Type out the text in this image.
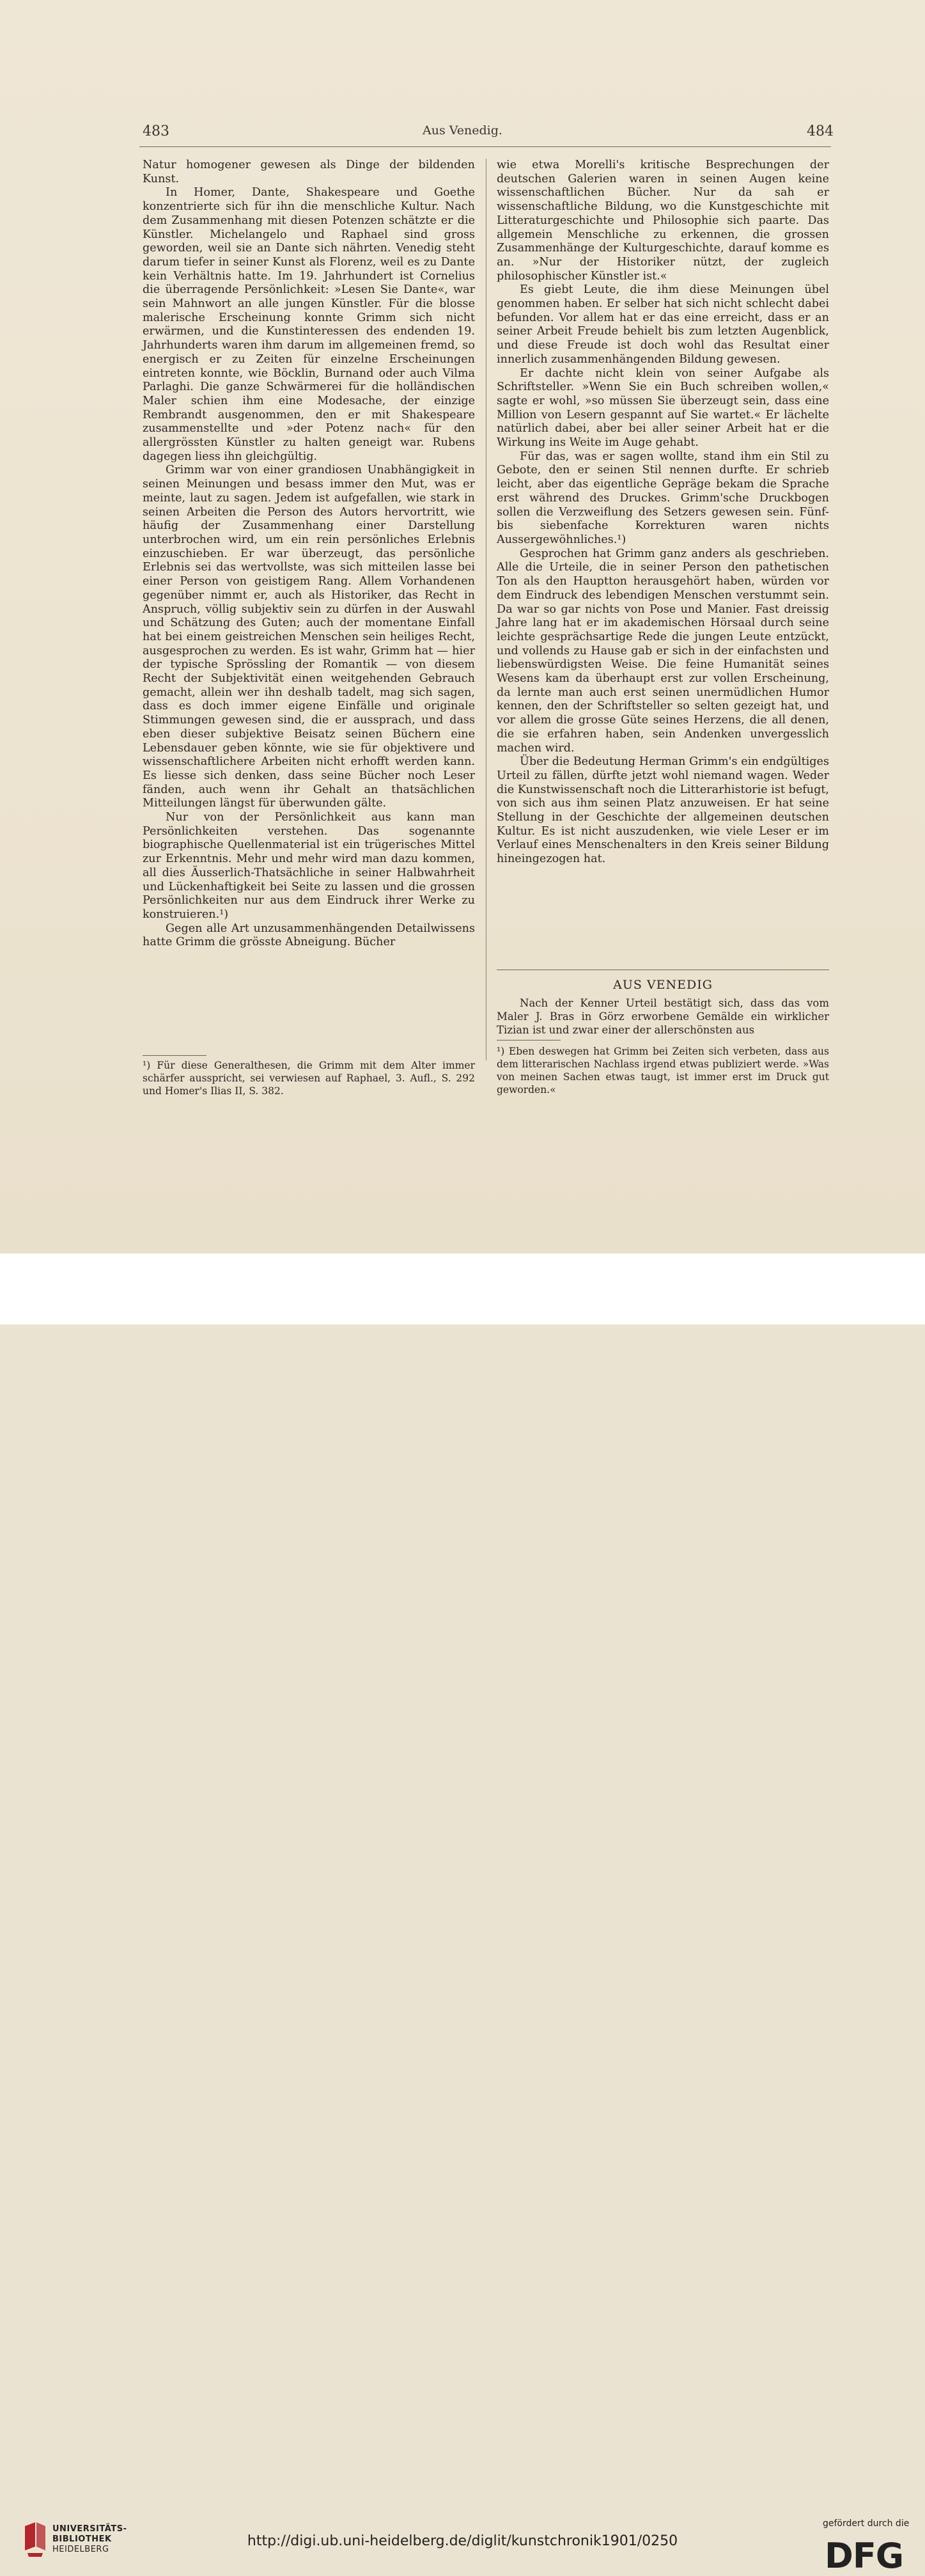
483	Aus Venedig.	484

Natur homogener gewesen als Dinge der bildenden Kunst.

In Homer, Dante, Shakespeare und Goethe konzentrierte sich für ihn die menschliche Kultur. Nach dem Zusammenhang mit diesen Potenzen schätzte er die Künstler. Michelangelo und Raphael sind gross geworden, weil sie an Dante sich nährten. Venedig steht darum tiefer in seiner Kunst als Florenz, weil es zu Dante kein Verhältnis hatte. Im 19. Jahrhundert ist Cornelius die überragende Persönlichkeit: »Lesen Sie Dante«, war sein Mahnwort an alle jungen Künstler. Für die blosse malerische Erscheinung konnte Grimm sich nicht erwärmen, und die Kunstinteressen des endenden 19. Jahrhunderts waren ihm darum im allgemeinen fremd, so energisch er zu Zeiten für einzelne Erscheinungen eintreten konnte, wie Böcklin, Burnand oder auch Vilma Parlaghi. Die ganze Schwärmerei für die holländischen Maler schien ihm eine Modesache, der einzige Rembrandt ausgenommen, den er mit Shakespeare zusammenstellte und »der Potenz nach« für den allergrössten Künstler zu halten geneigt war. Rubens dagegen liess ihn gleichgültig.

Grimm war von einer grandiosen Unabhängigkeit in seinen Meinungen und besass immer den Mut, was er meinte, laut zu sagen. Jedem ist aufgefallen, wie stark in seinen Arbeiten die Person des Autors hervortritt, wie häufig der Zusammenhang einer Darstellung unterbrochen wird, um ein rein persönliches Erlebnis einzuschieben. Er war überzeugt, das persönliche Erlebnis sei das wertvollste, was sich mitteilen lasse bei einer Person von geistigem Rang. Allem Vorhandenen gegenüber nimmt er, auch als Historiker, das Recht in Anspruch, völlig subjektiv sein zu dürfen in der Auswahl und Schätzung des Guten; auch der momentane Einfall hat bei einem geistreichen Menschen sein heiliges Recht, ausgesprochen zu werden. Es ist wahr, Grimm hat — hier der typische Sprössling der Romantik — von diesem Recht der Subjektivität einen weitgehenden Gebrauch gemacht, allein wer ihn deshalb tadelt, mag sich sagen, dass es doch immer eigene Einfälle und originale Stimmungen gewesen sind, die er aussprach, und dass eben dieser subjektive Beisatz seinen Büchern eine Lebensdauer geben könnte, wie sie für objektivere und wissenschaftlichere Arbeiten nicht erhofft werden kann. Es liesse sich denken, dass seine Bücher noch Leser fänden, auch wenn ihr Gehalt an thatsächlichen Mitteilungen längst für überwunden gälte.

Nur von der Persönlichkeit aus kann man Persönlichkeiten verstehen. Das sogenannte biographische Quellenmaterial ist ein trügerisches Mittel zur Erkenntnis. Mehr und mehr wird man dazu kommen, all dies Äusserlich-Thatsächliche in seiner Halbwahrheit und Lückenhaftigkeit bei Seite zu lassen und die grossen Persönlichkeiten nur aus dem Eindruck ihrer Werke zu konstruieren.¹)

Gegen alle Art unzusammenhängenden Detailwissens hatte Grimm die grösste Abneigung. Bücher

wie etwa Morelli's kritische Besprechungen der deutschen Galerien waren in seinen Augen keine wissenschaftlichen Bücher. Nur da sah er wissenschaftliche Bildung, wo die Kunstgeschichte mit Litteraturgeschichte und Philosophie sich paarte. Das allgemein Menschliche zu erkennen, die grossen Zusammenhänge der Kulturgeschichte, darauf komme es an. »Nur der Historiker nützt, der zugleich philosophischer Künstler ist.«

Es giebt Leute, die ihm diese Meinungen übel genommen haben. Er selber hat sich nicht schlecht dabei befunden. Vor allem hat er das eine erreicht, dass er an seiner Arbeit Freude behielt bis zum letzten Augenblick, und diese Freude ist doch wohl das Resultat einer innerlich zusammenhängenden Bildung gewesen.

Er dachte nicht klein von seiner Aufgabe als Schriftsteller. »Wenn Sie ein Buch schreiben wollen,« sagte er wohl, »so müssen Sie überzeugt sein, dass eine Million von Lesern gespannt auf Sie wartet.« Er lächelte natürlich dabei, aber bei aller seiner Arbeit hat er die Wirkung ins Weite im Auge gehabt.

Für das, was er sagen wollte, stand ihm ein Stil zu Gebote, den er seinen Stil nennen durfte. Er schrieb leicht, aber das eigentliche Gepräge bekam die Sprache erst während des Druckes. Grimm'sche Druckbogen sollen die Verzweiflung des Setzers gewesen sein. Fünf- bis siebenfache Korrekturen waren nichts Aussergewöhnliches.¹)

Gesprochen hat Grimm ganz anders als geschrieben. Alle die Urteile, die in seiner Person den pathetischen Ton als den Hauptton herausgehört haben, würden vor dem Eindruck des lebendigen Menschen verstummt sein. Da war so gar nichts von Pose und Manier. Fast dreissig Jahre lang hat er im akademischen Hörsaal durch seine leichte gesprächsartige Rede die jungen Leute entzückt, und vollends zu Hause gab er sich in der einfachsten und liebenswürdigsten Weise. Die feine Humanität seines Wesens kam da überhaupt erst zur vollen Erscheinung, da lernte man auch erst seinen unermüdlichen Humor kennen, den der Schriftsteller so selten gezeigt hat, und vor allem die grosse Güte seines Herzens, die all denen, die sie erfahren haben, sein Andenken unvergesslich machen wird.

Über die Bedeutung Herman Grimm's ein endgültiges Urteil zu fällen, dürfte jetzt wohl niemand wagen. Weder die Kunstwissenschaft noch die Litterarhistorie ist befugt, von sich aus ihm seinen Platz anzuweisen. Er hat seine Stellung in der Geschichte der allgemeinen deutschen Kultur. Es ist nicht auszudenken, wie viele Leser er im Verlauf eines Menschenalters in den Kreis seiner Bildung hineingezogen hat.

¹) Für diese Generalthesen, die Grimm mit dem Alter immer schärfer ausspricht, sei verwiesen auf Raphael, 3. Aufl., S. 292 und Homer's Ilias II, S. 382.

AUS VENEDIG

Nach der Kenner Urteil bestätigt sich, dass das vom Maler J. Bras in Görz erworbene Gemälde ein wirklicher Tizian ist und zwar einer der allerschönsten aus

¹) Eben deswegen hat Grimm bei Zeiten sich verbeten, dass aus dem litterarischen Nachlass irgend etwas publiziert werde. »Was von meinen Sachen etwas taugt, ist immer erst im Druck gut geworden.«

UNIVERSITÄTS-
BIBLIOTHEK
HEIDELBERG
http://digi.ub.uni-heidelberg.de/diglit/kunstchronik1901/0250
gefördert durch die
DFG
